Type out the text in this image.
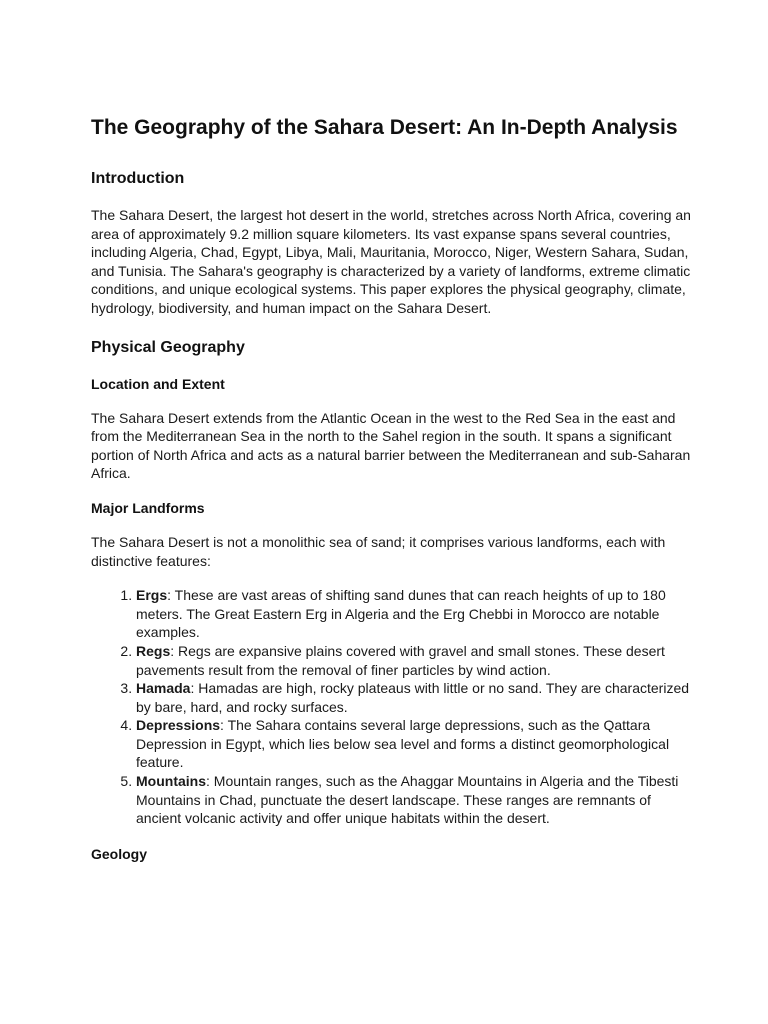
The Geography of the Sahara Desert: An In-Depth Analysis
Introduction

The Sahara Desert, the largest hot desert in the world, stretches across North Africa, covering an area of approximately 9.2 million square kilometers. Its vast expanse spans several countries, including Algeria, Chad, Egypt, Libya, Mali, Mauritania, Morocco, Niger, Western Sahara, Sudan, and Tunisia. The Sahara's geography is characterized by a variety of landforms, extreme climatic conditions, and unique ecological systems. This paper explores the physical geography, climate, hydrology, biodiversity, and human impact on the Sahara Desert.

Physical Geography
Location and Extent

The Sahara Desert extends from the Atlantic Ocean in the west to the Red Sea in the east and from the Mediterranean Sea in the north to the Sahel region in the south. It spans a significant portion of North Africa and acts as a natural barrier between the Mediterranean and sub-Saharan Africa.

Major Landforms

The Sahara Desert is not a monolithic sea of sand; it comprises various landforms, each with distinctive features:

1. Ergs: These are vast areas of shifting sand dunes that can reach heights of up to 180 meters. The Great Eastern Erg in Algeria and the Erg Chebbi in Morocco are notable examples.
2. Regs: Regs are expansive plains covered with gravel and small stones. These desert pavements result from the removal of finer particles by wind action.
3. Hamada: Hamadas are high, rocky plateaus with little or no sand. They are characterized by bare, hard, and rocky surfaces.
4. Depressions: The Sahara contains several large depressions, such as the Qattara Depression in Egypt, which lies below sea level and forms a distinct geomorphological feature.
5. Mountains: Mountain ranges, such as the Ahaggar Mountains in Algeria and the Tibesti Mountains in Chad, punctuate the desert landscape. These ranges are remnants of ancient volcanic activity and offer unique habitats within the desert.
Geology
